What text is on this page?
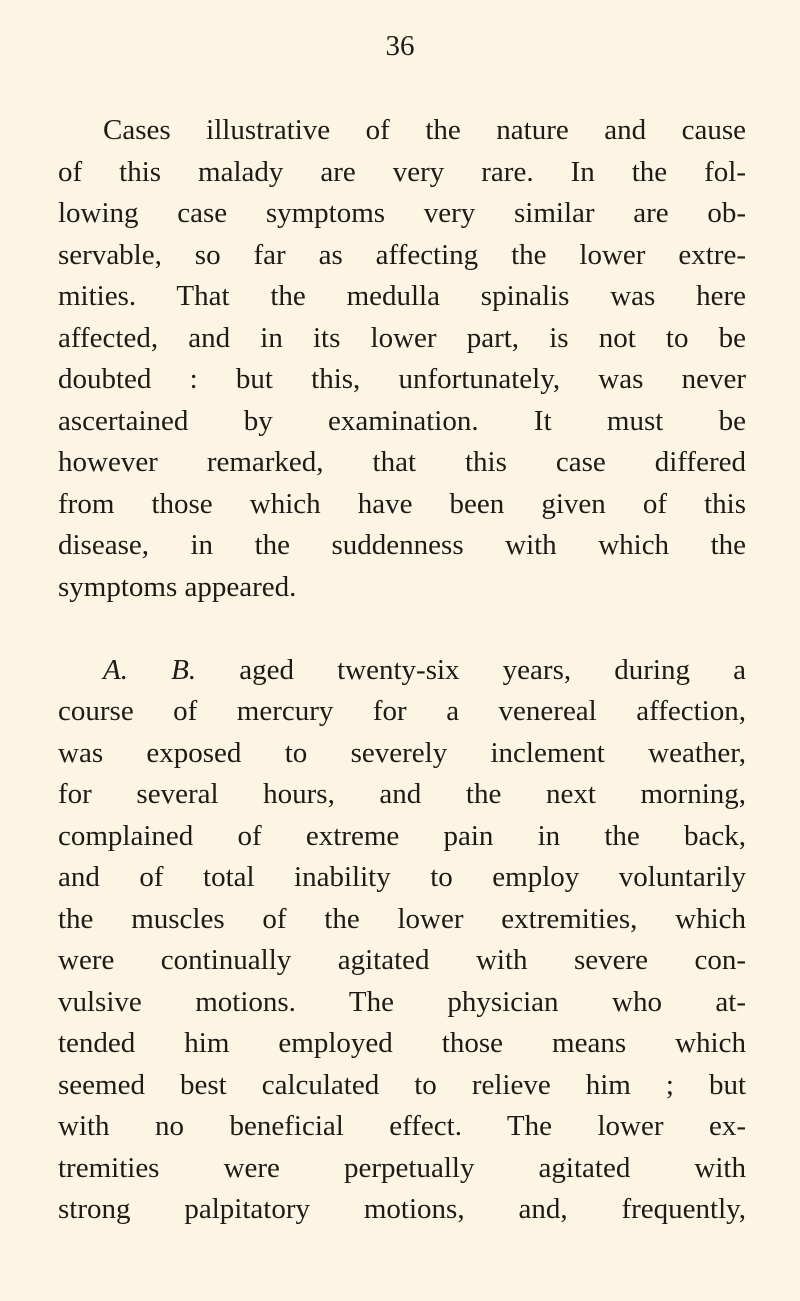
36
Cases illustrative of the nature and cause
of this malady are very rare. In the fol-
lowing case symptoms very similar are ob-
servable, so far as affecting the lower extre-
mities. That the medulla spinalis was here
affected, and in its lower part, is not to be
doubted : but this, unfortunately, was never
ascertained by examination. It must be
however remarked, that this case differed
from those which have been given of this
disease, in the suddenness with which the
symptoms appeared.
A. B. aged twenty-six years, during a
course of mercury for a venereal affection,
was exposed to severely inclement weather,
for several hours, and the next morning,
complained of extreme pain in the back,
and of total inability to employ voluntarily
the muscles of the lower extremities, which
were continually agitated with severe con-
vulsive motions. The physician who at-
tended him employed those means which
seemed best calculated to relieve him ; but
with no beneficial effect. The lower ex-
tremities were perpetually agitated with
strong palpitatory motions, and, frequently,
